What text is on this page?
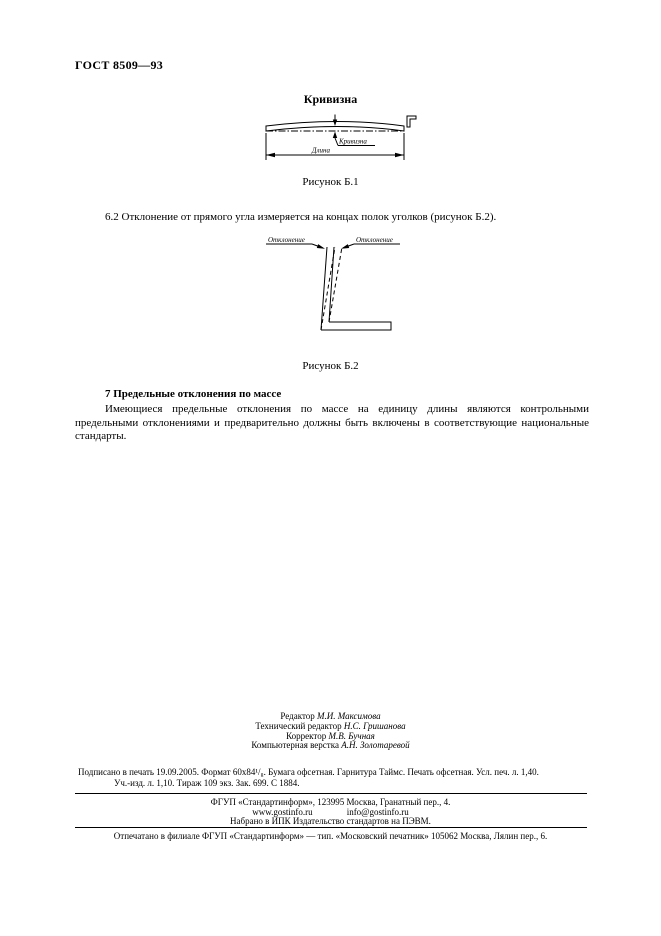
ГОСТ 8509—93
Кривизна
Кривизна
Длина
Рисунок Б.1
6.2 Отклонение от прямого угла измеряется на концах полок уголков (рисунок Б.2).
Отклонение	Отклонение
Рисунок Б.2
7 Предельные отклонения по массе
Имеющиеся предельные отклонения по массе на единицу длины являются контрольными предельными отклонениями и предварительно должны быть включены в соответствующие национальные стандарты.
Редактор М.И. Максимова
Технический редактор Н.С. Гришанова
Корректор М.В. Бучная
Компьютерная верстка А.Н. Золотаревой
Подписано в печать 19.09.2005. Формат 60x84¹/₈. Бумага офсетная. Гарнитура Таймс. Печать офсетная. Усл. печ. л. 1,40.
Уч.-изд. л. 1,10. Тираж 109 экз. Зак. 699. С 1884.
ФГУП «Стандартинформ», 123995 Москва, Гранатный пер., 4.
www.gostinfo.ru	info@gostinfo.ru
Набрано в ИПК Издательство стандартов на ПЭВМ.
Отпечатано в филиале ФГУП «Стандартинформ» — тип. «Московский печатник» 105062 Москва, Лялин пер., 6.
